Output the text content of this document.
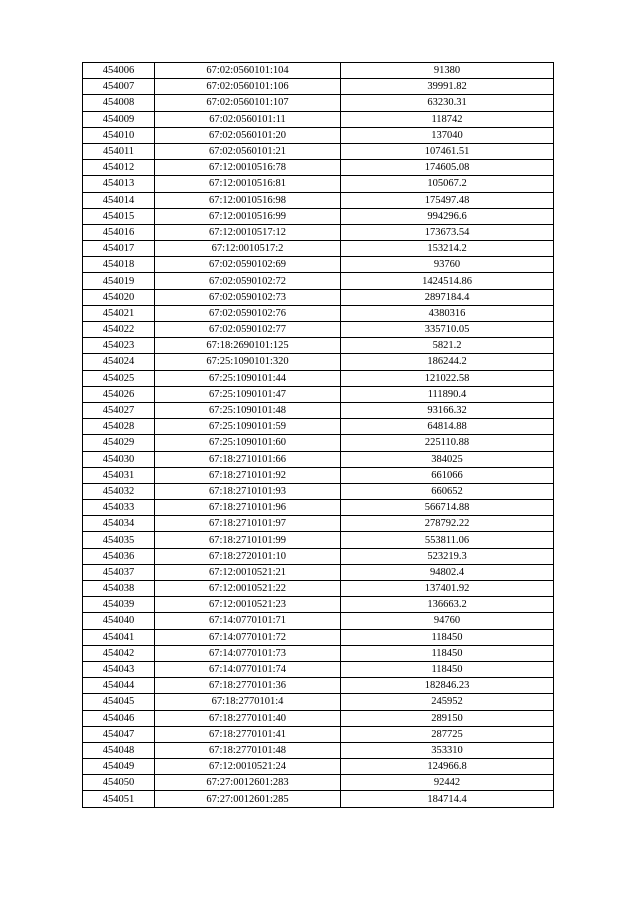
454006	67:02:0560101:104	91380
454007	67:02:0560101:106	39991.82
454008	67:02:0560101:107	63230.31
454009	67:02:0560101:11	118742
454010	67:02:0560101:20	137040
454011	67:02:0560101:21	107461.51
454012	67:12:0010516:78	174605.08
454013	67:12:0010516:81	105067.2
454014	67:12:0010516:98	175497.48
454015	67:12:0010516:99	994296.6
454016	67:12:0010517:12	173673.54
454017	67:12:0010517:2	153214.2
454018	67:02:0590102:69	93760
454019	67:02:0590102:72	1424514.86
454020	67:02:0590102:73	2897184.4
454021	67:02:0590102:76	4380316
454022	67:02:0590102:77	335710.05
454023	67:18:2690101:125	5821.2
454024	67:25:1090101:320	186244.2
454025	67:25:1090101:44	121022.58
454026	67:25:1090101:47	111890.4
454027	67:25:1090101:48	93166.32
454028	67:25:1090101:59	64814.88
454029	67:25:1090101:60	225110.88
454030	67:18:2710101:66	384025
454031	67:18:2710101:92	661066
454032	67:18:2710101:93	660652
454033	67:18:2710101:96	566714.88
454034	67:18:2710101:97	278792.22
454035	67:18:2710101:99	553811.06
454036	67:18:2720101:10	523219.3
454037	67:12:0010521:21	94802.4
454038	67:12:0010521:22	137401.92
454039	67:12:0010521:23	136663.2
454040	67:14:0770101:71	94760
454041	67:14:0770101:72	118450
454042	67:14:0770101:73	118450
454043	67:14:0770101:74	118450
454044	67:18:2770101:36	182846.23
454045	67:18:2770101:4	245952
454046	67:18:2770101:40	289150
454047	67:18:2770101:41	287725
454048	67:18:2770101:48	353310
454049	67:12:0010521:24	124966.8
454050	67:27:0012601:283	92442
454051	67:27:0012601:285	184714.4
